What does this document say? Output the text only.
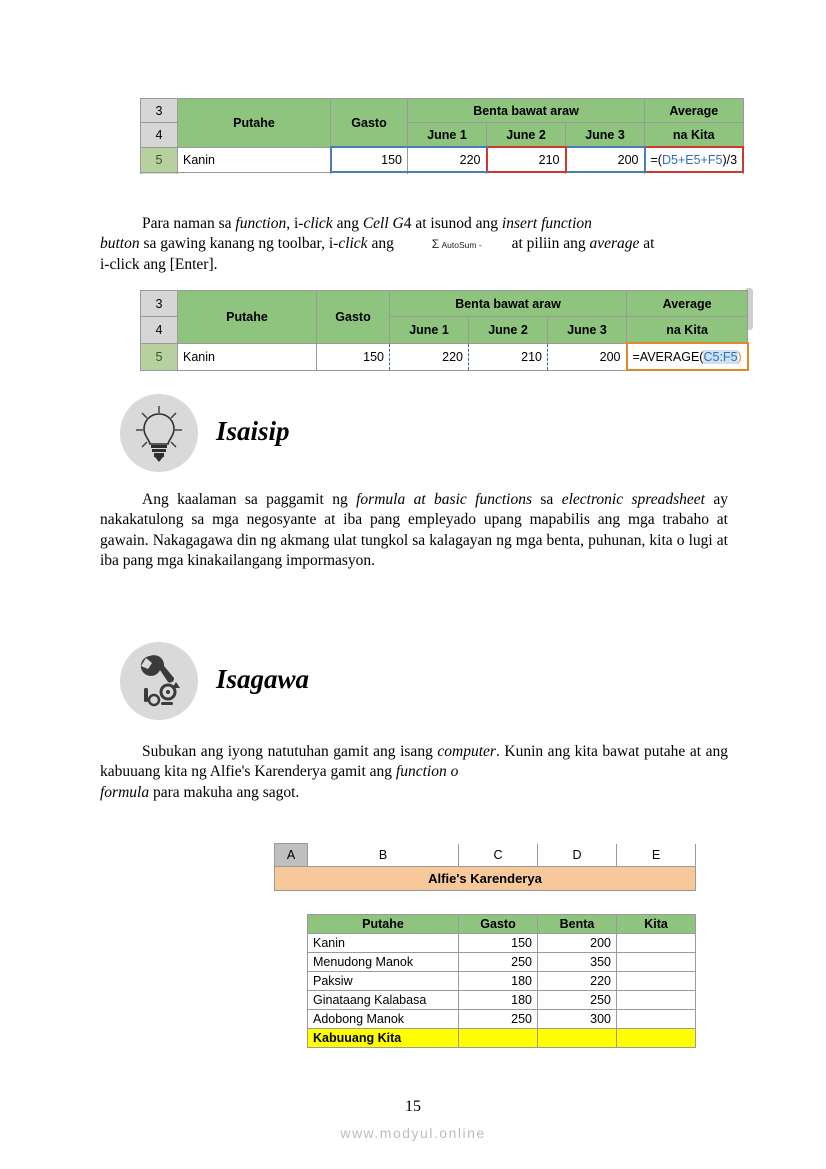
3	Putahe	Gasto	Benta bawat araw			Average
4			June 1	June 2	June 3	na Kita
5	Kanin	150	220	210	200	=(D5+E5+F5)/3

Para naman sa function, i-click ang Cell G4 at isunod ang insert function
button sa gawing kanang ng toolbar, i-click ang	Σ AutoSum - at piliin ang average at
i-click ang [Enter].
3	Putahe	Gasto	Benta bawat araw			Average
4			June 1	June 2	June 3	na Kita
5	Kanin	150	220	210	200	=AVERAGE(C5:F5)

Isaisip
Ang kaalaman sa paggamit ng formula at basic functions sa electronic spreadsheet ay nakakatulong sa mga negosyante at iba pang empleyado upang mapabilis ang mga trabaho at gawain. Nakagagawa din ng akmang ulat tungkol sa kalagayan ng mga benta, puhunan, kita o lugi at iba pang mga kinakailangang impormasyon.
Isagawa
Subukan ang iyong natutuhan gamit ang isang computer. Kunin ang kita bawat putahe at ang kabuuang kita ng Alfie's Karenderya gamit ang function o
formula para makuha ang sagot.
	A	B	C	D	E
	Alfie's Karenderya				

		Putahe	Gasto	Benta	Kita
		Kanin	150	200	
		Menudong Manok	250	350	
		Paksiw	180	220	
		Ginataang Kalabasa	180	250	
		Adobong Manok	250	300	
		Kabuuang Kita			
15
www.modyul.online
